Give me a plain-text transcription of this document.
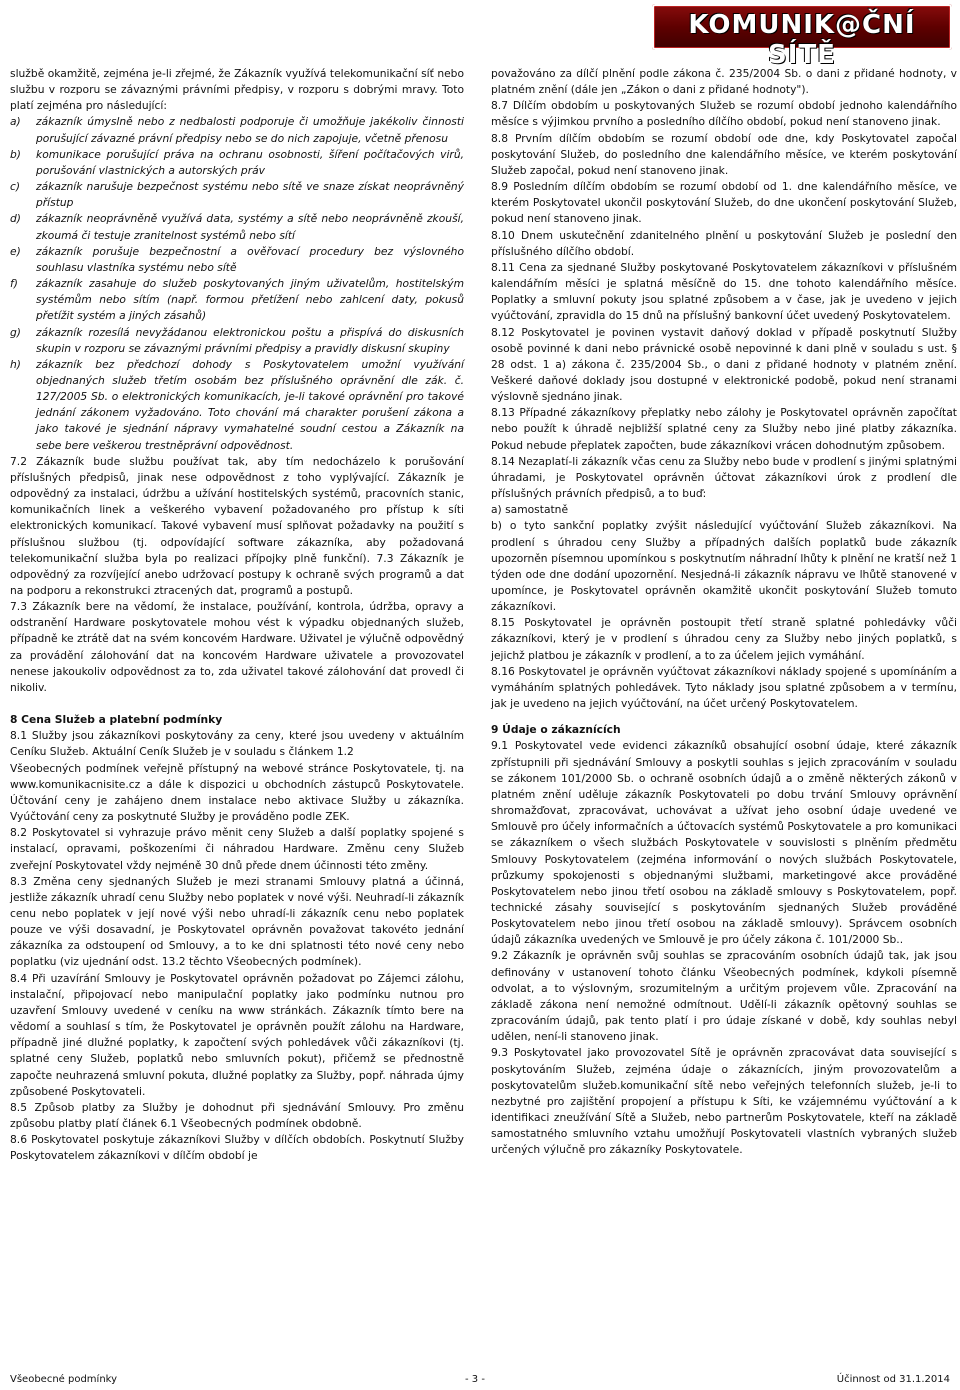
KOMUNIK@ČNÍ SÍTĚ

službě okamžitě, zejména je-li zřejmé, že Zákazník využívá telekomunikační síť nebo službu v rozporu se závaznými právními předpisy, v rozporu s dobrými mravy. Toto platí zejména pro následující:

a)	zákazník úmyslně nebo z nedbalosti podporuje či umožňuje jakékoliv činnosti porušující závazné právní předpisy nebo se do nich zapojuje, včetně přenosu
b)	komunikace porušující práva na ochranu osobnosti, šíření počítačových virů, porušování vlastnických a autorských práv
c)	zákazník narušuje bezpečnost systému nebo sítě ve snaze získat neoprávněný přístup
d)	zákazník neoprávněně využívá data, systémy a sítě nebo neoprávněně zkouší, zkoumá či testuje zranitelnost systémů nebo sítí
e)	zákazník porušuje bezpečnostní a ověřovací procedury bez výslovného souhlasu vlastníka systému nebo sítě
f)	zákazník zasahuje do služeb poskytovaných jiným uživatelům, hostitelským systémům nebo sítím (např. formou přetížení nebo zahlcení daty, pokusů přetížit systém a jiných zásahů)
g)	zákazník rozesílá nevyžádanou elektronickou poštu a přispívá do diskusních skupin v rozporu se závaznými právními předpisy a pravidly diskusní skupiny
h)	zákazník bez předchozí dohody s Poskytovatelem umožní využívání objednaných služeb třetím osobám bez příslušného oprávnění dle zák. č. 127/2005 Sb. o elektronických komunikacích, je-li takové oprávnění pro takové jednání zákonem vyžadováno. Toto chování má charakter porušení zákona a jako takové je sjednání nápravy vymahatelné soudní cestou a Zákazník na sebe bere veškerou trestněprávní odpovědnost.

7.2 Zákazník bude službu používat tak, aby tím nedocházelo k porušování příslušných předpisů, jinak nese odpovědnost z toho vyplývající. Zákazník je odpovědný za instalaci, údržbu a užívání hostitelských systémů, pracovních stanic, komunikačních linek a veškerého vybavení požadovaného pro přístup k síti elektronických komunikací. Takové vybavení musí splňovat požadavky na použití s příslušnou službou (tj. odpovídající software zákazníka, aby požadovaná telekomunikační služba byla po realizaci přípojky plně funkční). 7.3 Zákazník je odpovědný za rozvíjející anebo udržovací postupy k ochraně svých programů a dat na podporu a rekonstrukci ztracených dat, programů a postupů.

7.3 Zákazník bere na vědomí, že instalace, používání, kontrola, údržba, opravy a odstranění Hardware poskytovatele mohou vést k výpadku objednaných služeb, případně ke ztrátě dat na svém koncovém Hardware. Uživatel je výlučně odpovědný za provádění zálohování dat na koncovém Hardware uživatele a provozovatel nenese jakoukoliv odpovědnost za to, zda uživatel takové zálohování dat provedl či nikoliv.

8 Cena Služeb a platební podmínky

8.1 Služby jsou zákazníkovi poskytovány za ceny, které jsou uvedeny v aktuálním Ceníku Služeb. Aktuální Ceník Služeb je v souladu s článkem 1.2

Všeobecných podmínek veřejně přístupný na webové stránce Poskytovatele, tj. na www.komunikacnisite.cz a dále k dispozici u obchodních zástupců Poskytovatele. Účtování ceny je zahájeno dnem instalace nebo aktivace Služby u zákazníka. Vyúčtování ceny za poskytnuté Služby je prováděno podle ZEK.

8.2 Poskytovatel si vyhrazuje právo měnit ceny Služeb a další poplatky spojené s instalací, opravami, poškozeními či náhradou Hardware. Změnu ceny Služeb zveřejní Poskytovatel vždy nejméně 30 dnů přede dnem účinnosti této změny.

8.3 Změna ceny sjednaných Služeb je mezi stranami Smlouvy platná a účinná, jestliže zákazník uhradí cenu Služby nebo poplatek v nové výši. Neuhradí-li zákazník cenu nebo poplatek v její nové výši nebo uhradí-li zákazník cenu nebo poplatek pouze ve výši dosavadní, je Poskytovatel oprávněn považovat takovéto jednání zákazníka za odstoupení od Smlouvy, a to ke dni splatnosti této nové ceny nebo poplatku (viz ujednání odst. 13.2 těchto Všeobecných podmínek).

8.4 Při uzavírání Smlouvy je Poskytovatel oprávněn požadovat po Zájemci zálohu, instalační, připojovací nebo manipulační poplatky jako podmínku nutnou pro uzavření Smlouvy uvedené v ceníku na www stránkách. Zákazník tímto bere na vědomí a souhlasí s tím, že Poskytovatel je oprávněn použít zálohu na Hardware, případně jiné dlužné poplatky, k započtení svých pohledávek vůči zákazníkovi (tj. splatné ceny Služeb, poplatků nebo smluvních pokut), přičemž se přednostně započte neuhrazená smluvní pokuta, dlužné poplatky za Služby, popř. náhrada újmy způsobené Poskytovateli.

8.5 Způsob platby za Služby je dohodnut při sjednávání Smlouvy. Pro změnu způsobu platby platí článek 6.1 Všeobecných podmínek obdobně.

8.6 Poskytovatel poskytuje zákazníkovi Služby v dílčích obdobích. Poskytnutí Služby Poskytovatelem zákazníkovi v dílčím období je

považováno za dílčí plnění podle zákona č. 235/2004 Sb. o dani z přidané hodnoty, v platném znění (dále jen „Zákon o dani z přidané hodnoty").

8.7 Dílčím obdobím u poskytovaných Služeb se rozumí období jednoho kalendářního měsíce s výjimkou prvního a posledního dílčího období, pokud není stanoveno jinak.

8.8 Prvním dílčím obdobím se rozumí období ode dne, kdy Poskytovatel započal poskytování Služeb, do posledního dne kalendářního měsíce, ve kterém poskytování Služeb započal, pokud není stanoveno jinak.

8.9 Posledním dílčím obdobím se rozumí období od 1. dne kalendářního měsíce, ve kterém Poskytovatel ukončil poskytování Služeb, do dne ukončení poskytování Služeb, pokud není stanoveno jinak.

8.10 Dnem uskutečnění zdanitelného plnění u poskytování Služeb je poslední den příslušného dílčího období.

8.11 Cena za sjednané Služby poskytované Poskytovatelem zákazníkovi v příslušném kalendářním měsíci je splatná měsíčně do 15. dne tohoto kalendářního měsíce. Poplatky a smluvní pokuty jsou splatné způsobem a v čase, jak je uvedeno v jejich vyúčtování, zpravidla do 15 dnů na příslušný bankovní účet uvedený Poskytovatelem.

8.12 Poskytovatel je povinen vystavit daňový doklad v případě poskytnutí Služby osobě povinné k dani nebo právnické osobě nepovinné k dani plně v souladu s ust. § 28 odst. 1 a) zákona č. 235/2004 Sb., o dani z přidané hodnoty v platném znění. Veškeré daňové doklady jsou dostupné v elektronické podobě, pokud není stranami výslovně sjednáno jinak.

8.13 Případné zákazníkovy přeplatky nebo zálohy je Poskytovatel oprávněn započítat nebo použít k úhradě nejbližší splatné ceny za Služby nebo jiné platby zákazníka. Pokud nebude přeplatek započten, bude zákazníkovi vrácen dohodnutým způsobem.

8.14 Nezaplatí-li zákazník včas cenu za Služby nebo bude v prodlení s jinými splatnými úhradami, je Poskytovatel oprávněn účtovat zákazníkovi úrok z prodlení dle příslušných právních předpisů, a to buď:

a) samostatně

b) o tyto sankční poplatky zvýšit následující vyúčtování Služeb zákazníkovi. Na prodlení s úhradou ceny Služby a případných dalších poplatků bude zákazník upozorněn písemnou upomínkou s poskytnutím náhradní lhůty k plnění ne kratší než 1 týden ode dne dodání upozornění. Nesjedná-li zákazník nápravu ve lhůtě stanovené v upomínce, je Poskytovatel oprávněn okamžitě ukončit poskytování Služeb tomuto zákazníkovi.

8.15 Poskytovatel je oprávněn postoupit třetí straně splatné pohledávky vůči zákazníkovi, který je v prodlení s úhradou ceny za Služby nebo jiných poplatků, s jejichž platbou je zákazník v prodlení, a to za účelem jejich vymáhání.

8.16 Poskytovatel je oprávněn vyúčtovat zákazníkovi náklady spojené s upomínáním a vymáháním splatných pohledávek. Tyto náklady jsou splatné způsobem a v termínu, jak je uvedeno na jejich vyúčtování, na účet určený Poskytovatelem.

9 Údaje o zákaznících

9.1 Poskytovatel vede evidenci zákazníků obsahující osobní údaje, které zákazník zpřístupnili při sjednávání Smlouvy a poskytli souhlas s jejich zpracováním v souladu se zákonem 101/2000 Sb. o ochraně osobních údajů a o změně některých zákonů v platném znění uděluje zákazník Poskytovateli po dobu trvání Smlouvy oprávnění shromažďovat, zpracovávat, uchovávat a užívat jeho osobní údaje uvedené ve Smlouvě pro účely informačních a účtovacích systémů Poskytovatele a pro komunikaci se zákazníkem o všech službách Poskytovatele v souvislosti s plněním předmětu Smlouvy Poskytovatelem (zejména informování o nových službách Poskytovatele, průzkumy spokojenosti s objednanými službami, marketingové akce prováděné Poskytovatelem nebo jinou třetí osobou na základě smlouvy s Poskytovatelem, popř. technické zásahy související s poskytováním sjednaných Služeb prováděné Poskytovatelem nebo jinou třetí osobou na základě smlouvy). Správcem osobních údajů zákazníka uvedených ve Smlouvě je pro účely zákona č. 101/2000 Sb..

9.2 Zákazník je oprávněn svůj souhlas se zpracováním osobních údajů tak, jak jsou definovány v ustanovení tohoto článku Všeobecných podmínek, kdykoli písemně odvolat, a to výslovným, srozumitelným a určitým projevem vůle. Zpracování na základě zákona není nemožné odmítnout. Udělí-li zákazník opětovný souhlas se zpracováním údajů, pak tento platí i pro údaje získané v době, kdy souhlas nebyl udělen, není-li stanoveno jinak.

9.3 Poskytovatel jako provozovatel Sítě je oprávněn zpracovávat data související s poskytováním Služeb, zejména údaje o zákaznících, jiným provozovatelům a poskytovatelům služeb.komunikační sítě nebo veřejných telefonních služeb, je-li to nezbytné pro zajištění propojení a přístupu k Síti, ke vzájemnému vyúčtování a k identifikaci zneužívání Sítě a Služeb, nebo partnerům Poskytovatele, kteří na základě samostatného smluvního vztahu umožňují Poskytovateli vlastních vybraných služeb určených výlučně pro zákazníky Poskytovatele.

Všeobecné podmínky	- 3 -	Účinnost od 31.1.2014
